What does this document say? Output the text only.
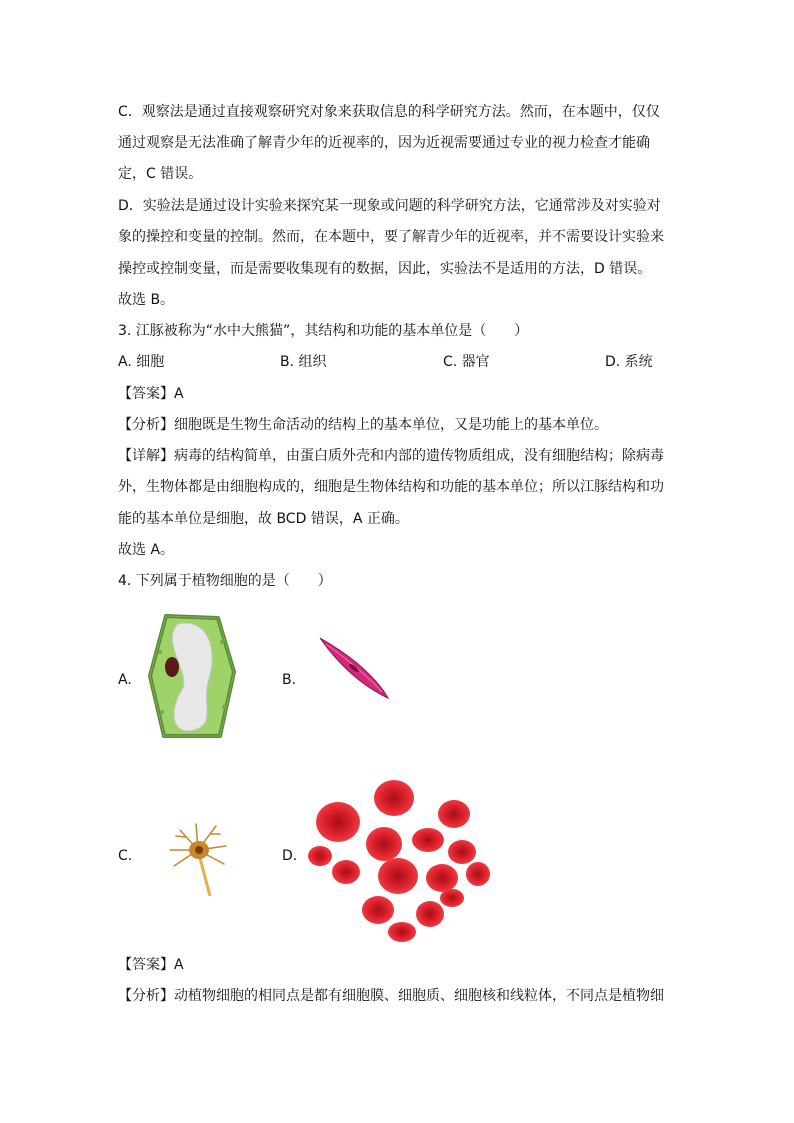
C．观察法是通过直接观察研究对象来获取信息的科学研究方法。然而，在本题中，仅仅
通过观察是无法准确了解青少年的近视率的，因为近视需要通过专业的视力检查才能确
定，C 错误。
D．实验法是通过设计实验来探究某一现象或问题的科学研究方法，它通常涉及对实验对
象的操控和变量的控制。然而，在本题中，要了解青少年的近视率，并不需要设计实验来
操控或控制变量，而是需要收集现有的数据，因此，实验法不是适用的方法，D 错误。
故选 B。
3. 江豚被称为“水中大熊猫”，其结构和功能的基本单位是（　　）
A. 细胞	B. 组织	C. 器官	D. 系统
【答案】A
【分析】细胞既是生物生命活动的结构上的基本单位，又是功能上的基本单位。
【详解】病毒的结构简单，由蛋白质外壳和内部的遗传物质组成，没有细胞结构；除病毒
外，生物体都是由细胞构成的，细胞是生物体结构和功能的基本单位；所以江豚结构和功
能的基本单位是细胞，故 BCD 错误，A 正确。
故选 A。
4. 下列属于植物细胞的是（　　）
A.	B.
C.	D.
【答案】A
【分析】动植物细胞的相同点是都有细胞膜、细胞质、细胞核和线粒体，不同点是植物细
